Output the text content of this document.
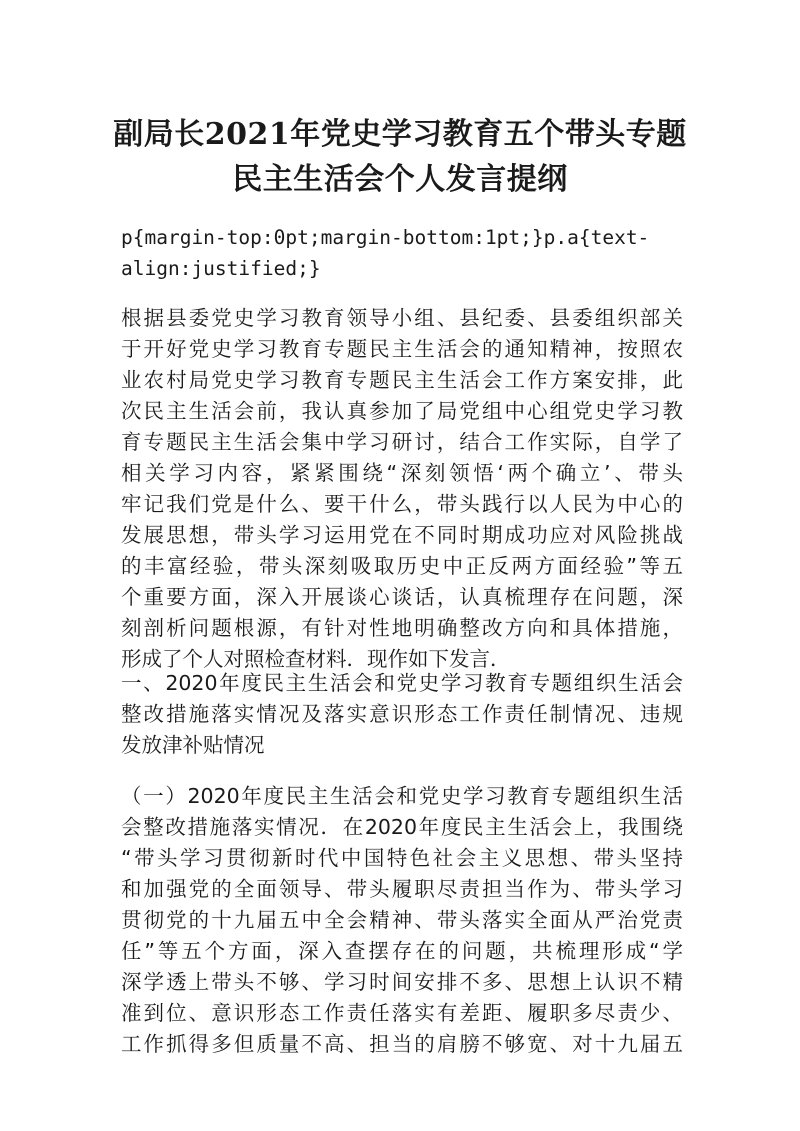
副局长2021年党史学习教育五个带头专题
民主生活会个人发言提纲
p{margin-top:0pt;margin-bottom:1pt;}p.a{text-
align:justified;}

根据县委党史学习教育领导小组、县纪委、县委组织部关
于开好党史学习教育专题民主生活会的通知精神，按照农
业农村局党史学习教育专题民主生活会工作方案安排，此
次民主生活会前，我认真参加了局党组中心组党史学习教
育专题民主生活会集中学习研讨，结合工作实际，自学了
相关学习内容，紧紧围绕“深刻领悟‘两个确立’、带头
牢记我们党是什么、要干什么，带头践行以人民为中心的
发展思想，带头学习运用党在不同时期成功应对风险挑战
的丰富经验，带头深刻吸取历史中正反两方面经验”等五
个重要方面，深入开展谈心谈话，认真梳理存在问题，深
刻剖析问题根源，有针对性地明确整改方向和具体措施，
形成了个人对照检查材料．现作如下发言．

一、2020年度民主生活会和党史学习教育专题组织生活会
整改措施落实情况及落实意识形态工作责任制情况、违规
发放津补贴情况

（一）2020年度民主生活会和党史学习教育专题组织生活
会整改措施落实情况．在2020年度民主生活会上，我围绕
“带头学习贯彻新时代中国特色社会主义思想、带头坚持
和加强党的全面领导、带头履职尽责担当作为、带头学习
贯彻党的十九届五中全会精神、带头落实全面从严治党责
任”等五个方面，深入查摆存在的问题，共梳理形成“学
深学透上带头不够、学习时间安排不多、思想上认识不精
准到位、意识形态工作责任落实有差距、履职多尽责少、
工作抓得多但质量不高、担当的肩膀不够宽、对十九届五
